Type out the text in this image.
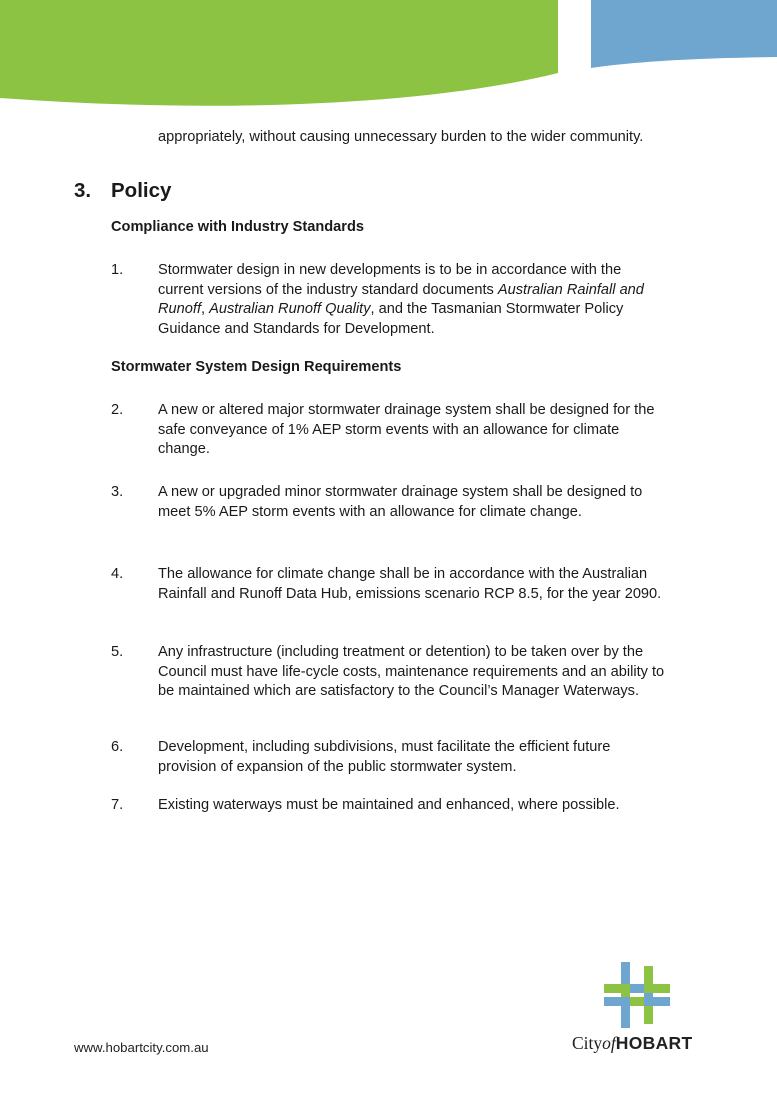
appropriately, without causing unnecessary burden to the wider community.

3. Policy
Compliance with Industry Standards
1. Stormwater design in new developments is to be in accordance with the current versions of the industry standard documents Australian Rainfall and Runoff, Australian Runoff Quality, and the Tasmanian Stormwater Policy Guidance and Standards for Development.
Stormwater System Design Requirements
2. A new or altered major stormwater drainage system shall be designed for the safe conveyance of 1% AEP storm events with an allowance for climate change.
3. A new or upgraded minor stormwater drainage system shall be designed to meet 5% AEP storm events with an allowance for climate change.
4. The allowance for climate change shall be in accordance with the Australian Rainfall and Runoff Data Hub, emissions scenario RCP 8.5, for the year 2090.
5. Any infrastructure (including treatment or detention) to be taken over by the Council must have life-cycle costs, maintenance requirements and an ability to be maintained which are satisfactory to the Council’s Manager Waterways.
6. Development, including subdivisions, must facilitate the efficient future provision of expansion of the public stormwater system.
7. Existing waterways must be maintained and enhanced, where possible.
www.hobartcity.com.au	CityofHOBART
